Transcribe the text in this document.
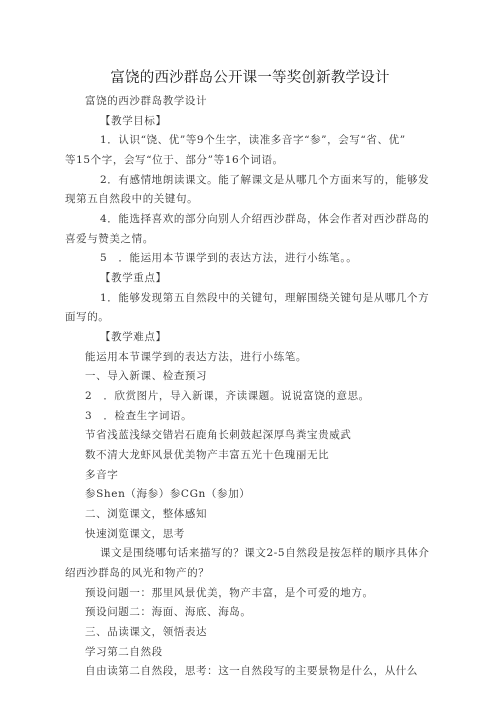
富饶的西沙群岛公开课一等奖创新教学设计
富饶的西沙群岛教学设计
【教学目标】
1．认识“饶、优”等9个生字，读准多音字“参”，会写“省、优”
等15个字，会写“位于、部分”等16个词语。
2．有感情地朗读课文。能了解课文是从哪几个方面来写的，能够发
现第五自然段中的关键句。
4．能选择喜欢的部分向别人介绍西沙群岛，体会作者对西沙群岛的
喜爱与赞美之情。
5　．能运用本节课学到的表达方法，进行小练笔。。
【教学重点】
1．能够发现第五自然段中的关键句，理解围绕关键句是从哪几个方
面写的。
【教学难点】
能运用本节课学到的表达方法，进行小练笔。
一、导入新课、检查预习
2　．欣赏图片，导入新课，齐读课题。说说富饶的意思。
3　．检查生字词语。
节省浅蓝浅绿交错岩石鹿角长刺鼓起深厚鸟粪宝贵威武
数不清大龙虾风景优美物产丰富五光十色瑰丽无比
多音字
参Shen（海参）参CGn（参加）
二、浏览课文，整体感知
快速浏览课文，思考
课文是围绕哪句话来描写的？课文2-5自然段是按怎样的顺序具体介
绍西沙群岛的风光和物产的？
预设问题一：那里风景优美，物产丰富，是个可爱的地方。
预设问题二：海面、海底、海岛。
三、品读课文，领悟表达
学习第二自然段
自由读第二自然段，思考：这一自然段写的主要景物是什么，从什么
